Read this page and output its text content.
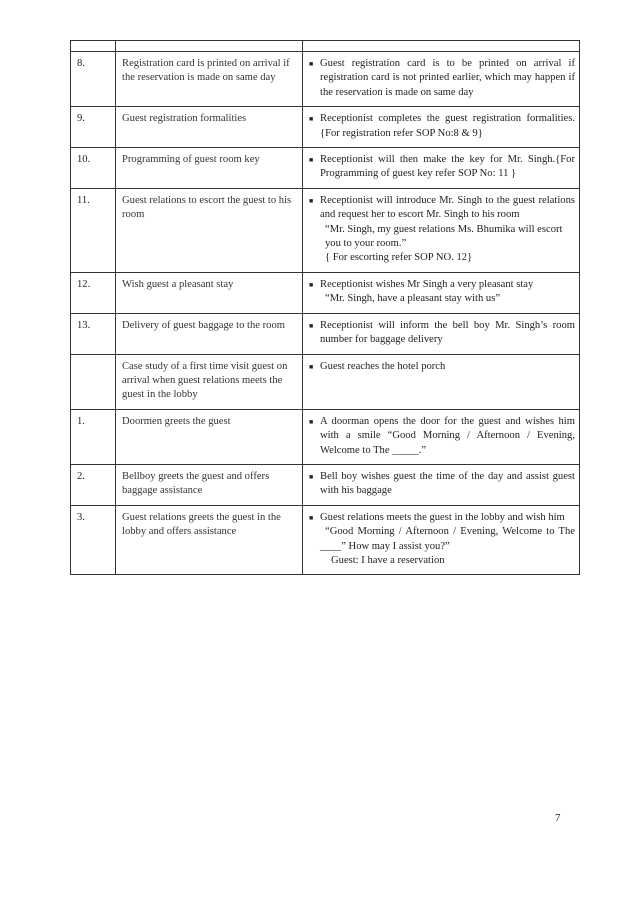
8.	Registration card is printed on arrival if the reservation is made on same day	■ Guest registration card is to be printed on arrival if registration card is not printed earlier, which may happen if the reservation is made on same day

9.	Guest registration formalities	■ Receptionist completes the guest registration formalities. {For registration refer SOP No:8 & 9}

10.	Programming of guest room key	■ Receptionist will then make the key for Mr. Singh.{For Programming of guest key refer SOP No: 11 }

11.	Guest relations to escort the guest to his room	■ Receptionist will introduce Mr. Singh to the guest relations and request her to escort Mr. Singh to his room
“Mr. Singh, my guest relations Ms. Bhumika will escort you to your room.”
{ For escorting refer SOP NO. 12}

12.	Wish guest a pleasant stay	■ Receptionist wishes Mr Singh a very pleasant stay
“Mr. Singh, have a pleasant stay with us”

13.	Delivery of guest baggage to the room	■ Receptionist will inform the bell boy Mr. Singh’s room number for baggage delivery

	Case study of a first time visit guest on arrival when guest relations meets the guest in the lobby	■ Guest reaches the hotel porch

1.	Doormen greets the guest	■ A doorman opens the door for the guest and wishes him with a smile “Good Morning / Afternoon / Evening, Welcome to The _____.”

2.	Bellboy greets the guest and offers baggage assistance	■ Bell boy wishes guest the time of the day and assist guest with his baggage

3.	Guest relations greets the guest in the lobby and offers assistance	■ Guest relations meets the guest in the lobby and wish him
“Good Morning / Afternoon / Evening, Welcome to The ____” How may I assist you?”
Guest: I have a reservation
7
